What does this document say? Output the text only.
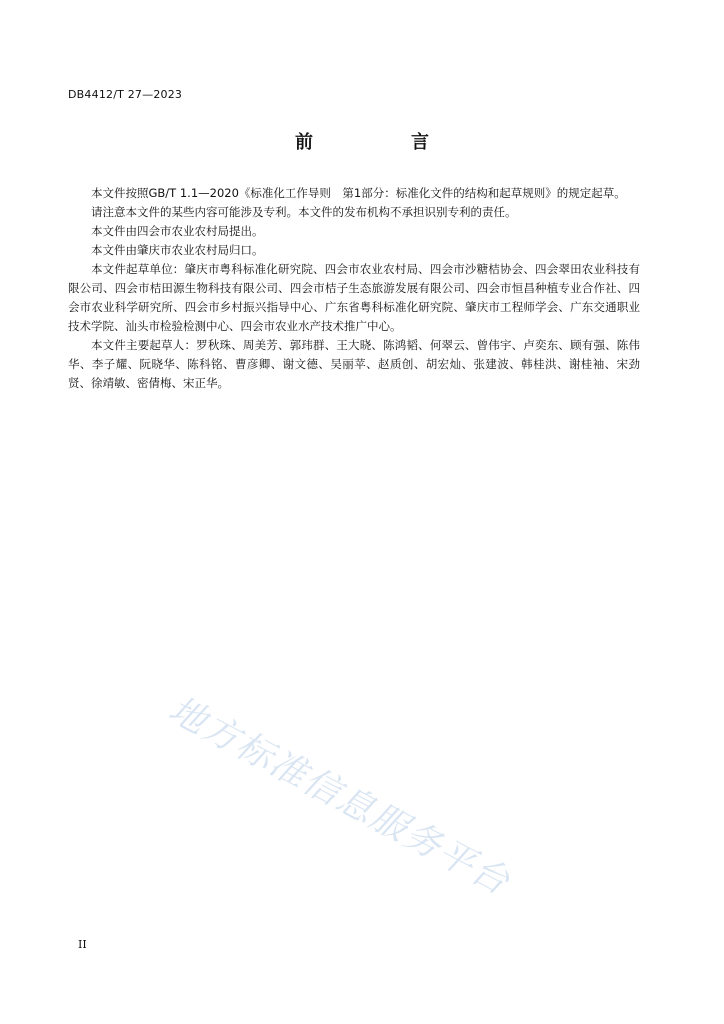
DB4412/T 27—2023
前　言

本文件按照GB/T 1.1—2020《标准化工作导则　第1部分：标准化文件的结构和起草规则》的规定起草。

请注意本文件的某些内容可能涉及专利。本文件的发布机构不承担识别专利的责任。

本文件由四会市农业农村局提出。

本文件由肇庆市农业农村局归口。

本文件起草单位：肇庆市粤科标准化研究院、四会市农业农村局、四会市沙糖桔协会、四会翠田农业科技有限公司、四会市桔田源生物科技有限公司、四会市桔子生态旅游发展有限公司、四会市恒昌种植专业合作社、四会市农业科学研究所、四会市乡村振兴指导中心、广东省粤科标准化研究院、肇庆市工程师学会、广东交通职业技术学院、汕头市检验检测中心、四会市农业水产技术推广中心。

本文件主要起草人：罗秋珠、周美芳、郭玮群、王大晓、陈鸿韬、何翠云、曾伟宇、卢奕东、顾有强、陈伟华、李子耀、阮晓华、陈科铭、曹彦卿、谢文德、吴丽苹、赵质创、胡宏灿、张建波、韩桂洪、谢桂袖、宋劲贤、徐靖敏、密倩梅、宋正华。

地方标准信息服务平台
II
